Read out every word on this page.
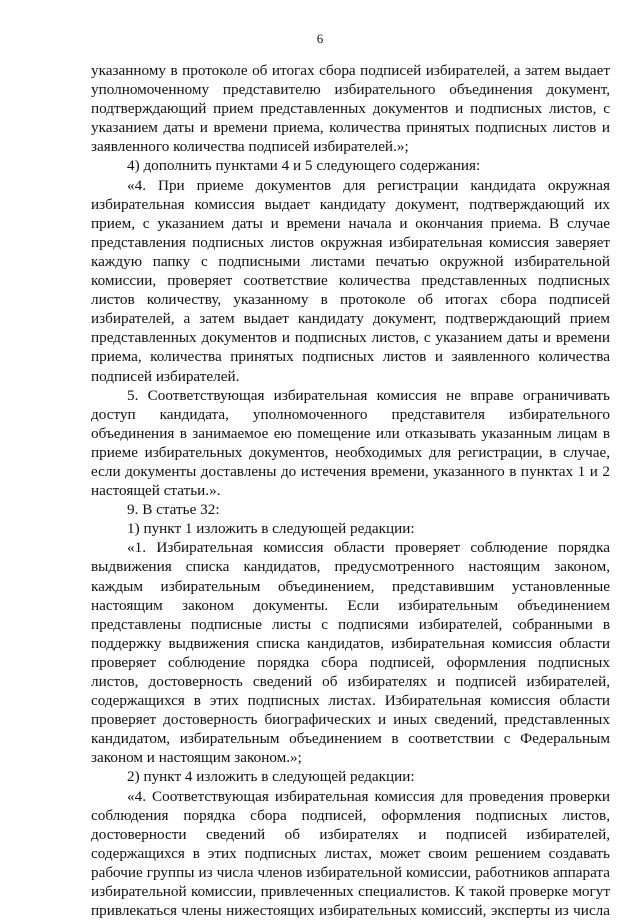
6

указанному в протоколе об итогах сбора подписей избирателей, а затем выдает
уполномоченному представителю избирательного объединения документ,
подтверждающий прием представленных документов и подписных листов, с
указанием даты и времени приема, количества принятых подписных листов и
заявленного количества подписей избирателей.»;

4) дополнить пунктами 4 и 5 следующего содержания:

«4. При приеме документов для регистрации кандидата окружная
избирательная комиссия выдает кандидату документ, подтверждающий их
прием, с указанием даты и времени начала и окончания приема. В случае
представления подписных листов окружная избирательная комиссия заверяет
каждую папку с подписными листами печатью окружной избирательной
комиссии, проверяет соответствие количества представленных подписных
листов количеству, указанному в протоколе об итогах сбора подписей
избирателей, а затем выдает кандидату документ, подтверждающий прием
представленных документов и подписных листов, с указанием даты и времени
приема, количества принятых подписных листов и заявленного количества
подписей избирателей.

5. Соответствующая избирательная комиссия не вправе ограничивать
доступ кандидата, уполномоченного представителя избирательного
объединения в занимаемое ею помещение или отказывать указанным лицам в
приеме избирательных документов, необходимых для регистрации, в случае,
если документы доставлены до истечения времени, указанного в пунктах 1 и 2
настоящей статьи.».

9. В статье 32:

1) пункт 1 изложить в следующей редакции:

«1. Избирательная комиссия области проверяет соблюдение порядка
выдвижения списка кандидатов, предусмотренного настоящим законом,
каждым избирательным объединением, представившим установленные
настоящим законом документы. Если избирательным объединением
представлены подписные листы с подписями избирателей, собранными в
поддержку выдвижения списка кандидатов, избирательная комиссия области
проверяет соблюдение порядка сбора подписей, оформления подписных
листов, достоверность сведений об избирателях и подписей избирателей,
содержащихся в этих подписных листах. Избирательная комиссия области
проверяет достоверность биографических и иных сведений, представленных
кандидатом, избирательным объединением в соответствии с Федеральным
законом и настоящим законом.»;

2) пункт 4 изложить в следующей редакции:

«4. Соответствующая избирательная комиссия для проведения проверки
соблюдения порядка сбора подписей, оформления подписных листов,
достоверности сведений об избирателях и подписей избирателей,
содержащихся в этих подписных листах, может своим решением создавать
рабочие группы из числа членов избирательной комиссии, работников аппарата
избирательной комиссии, привлеченных специалистов. К такой проверке могут
привлекаться члены нижестоящих избирательных комиссий, эксперты из числа
